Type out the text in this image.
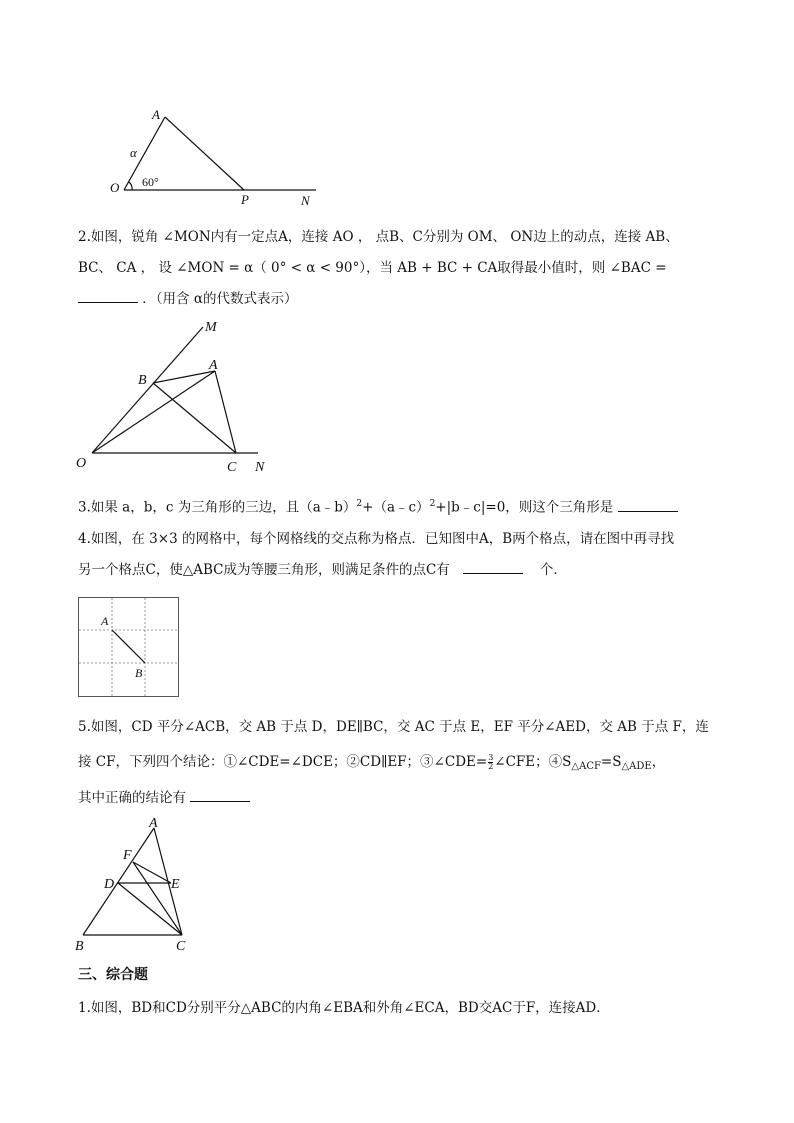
A
α
O 60°
P	N
2.如图，锐角 ∠MON内有一定点A，连接 AO ， 点B、C分别为 OM、 ON边上的动点，连接 AB、
BC、 CA ， 设 ∠MON = α（ 0° < α < 90°），当 AB + BC + CA取得最小值时，则 ∠BAC =
．（用含 α的代数式表示）
M
A
B
O	C N
3.如果 a，b，c 为三角形的三边，且（a﹣b）$^2$+（a﹣c）$^2$+|b﹣c|=0，则这个三角形是
4.如图，在 3×3 的网格中，每个网格线的交点称为格点．已知图中A，B两个格点，请在图中再寻找
另一个格点C，使△ABC成为等腰三角形，则满足条件的点C有	个．
A
B
5.如图，CD 平分∠ACB，交 AB 于点 D，DE∥BC，交 AC 于点 E，EF 平分∠AED，交 AB 于点 F，连
接 CF，下列四个结论：①∠CDE=∠DCE；②CD∥EF；③∠CDE= $\frac{3}{2}$ ∠CFE；$④S_{\triangle ACF}=S_{\triangle ADE}$，
其中正确的结论有
A
F
D	E
B	C
三、综合题
1.如图，BD和CD分别平分△ABC的内角∠EBA和外角∠ECA，BD交AC于F，连接AD．
